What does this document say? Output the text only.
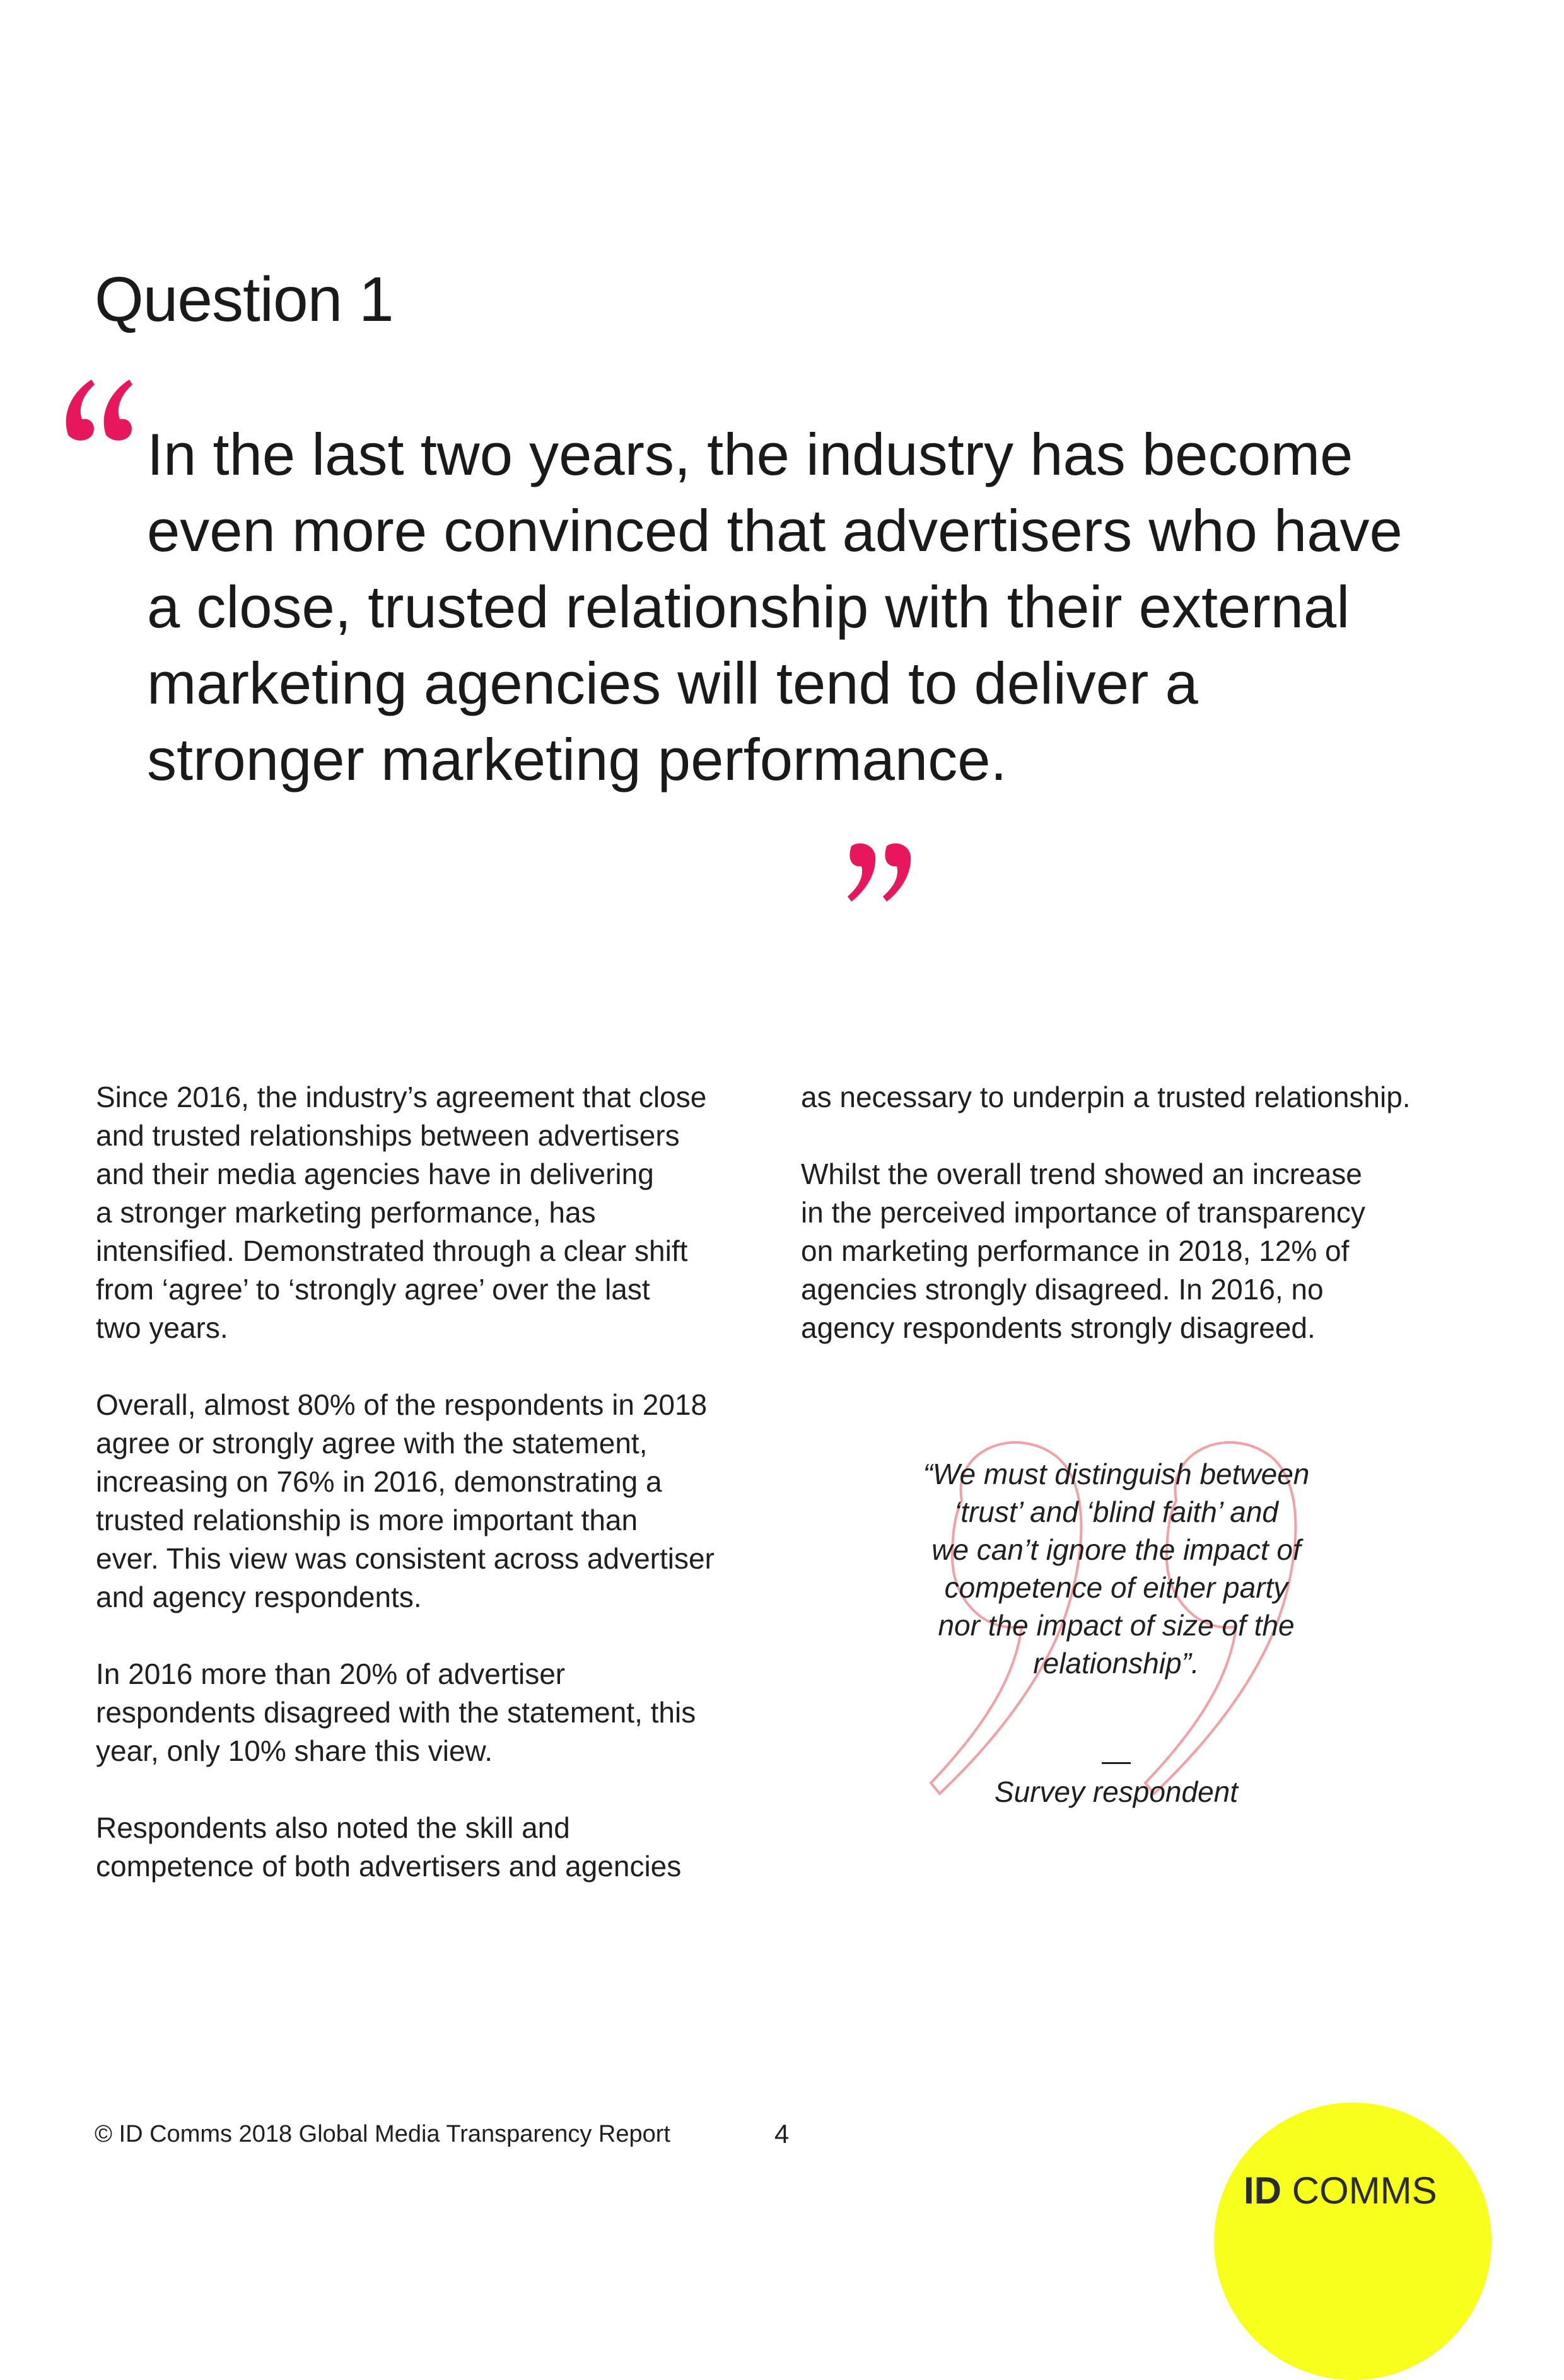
Question 1

In the last two years, the industry has become even more convinced that advertisers who have a close, trusted relationship with their external marketing agencies will tend to deliver a stronger marketing performance.

Since 2016, the industry’s agreement that close
and trusted relationships between advertisers
and their media agencies have in delivering
a stronger marketing performance, has
intensified. Demonstrated through a clear shift
from ‘agree’ to ‘strongly agree’ over the last
two years.

Overall, almost 80% of the respondents in 2018
agree or strongly agree with the statement,
increasing on 76% in 2016, demonstrating a
trusted relationship is more important than
ever. This view was consistent across advertiser
and agency respondents.

In 2016 more than 20% of advertiser
respondents disagreed with the statement, this
year, only 10% share this view.

Respondents also noted the skill and
competence of both advertisers and agencies

as necessary to underpin a trusted relationship.

Whilst the overall trend showed an increase
in the perceived importance of transparency
on marketing performance in 2018, 12% of
agencies strongly disagreed. In 2016, no
agency respondents strongly disagreed.

“We must distinguish between
‘trust’ and ‘blind faith’ and
we can’t ignore the impact of
competence of either party
nor the impact of size of the
relationship”.
Survey respondent
© ID Comms 2018 Global Media Transparency Report	4
ID COMMS
